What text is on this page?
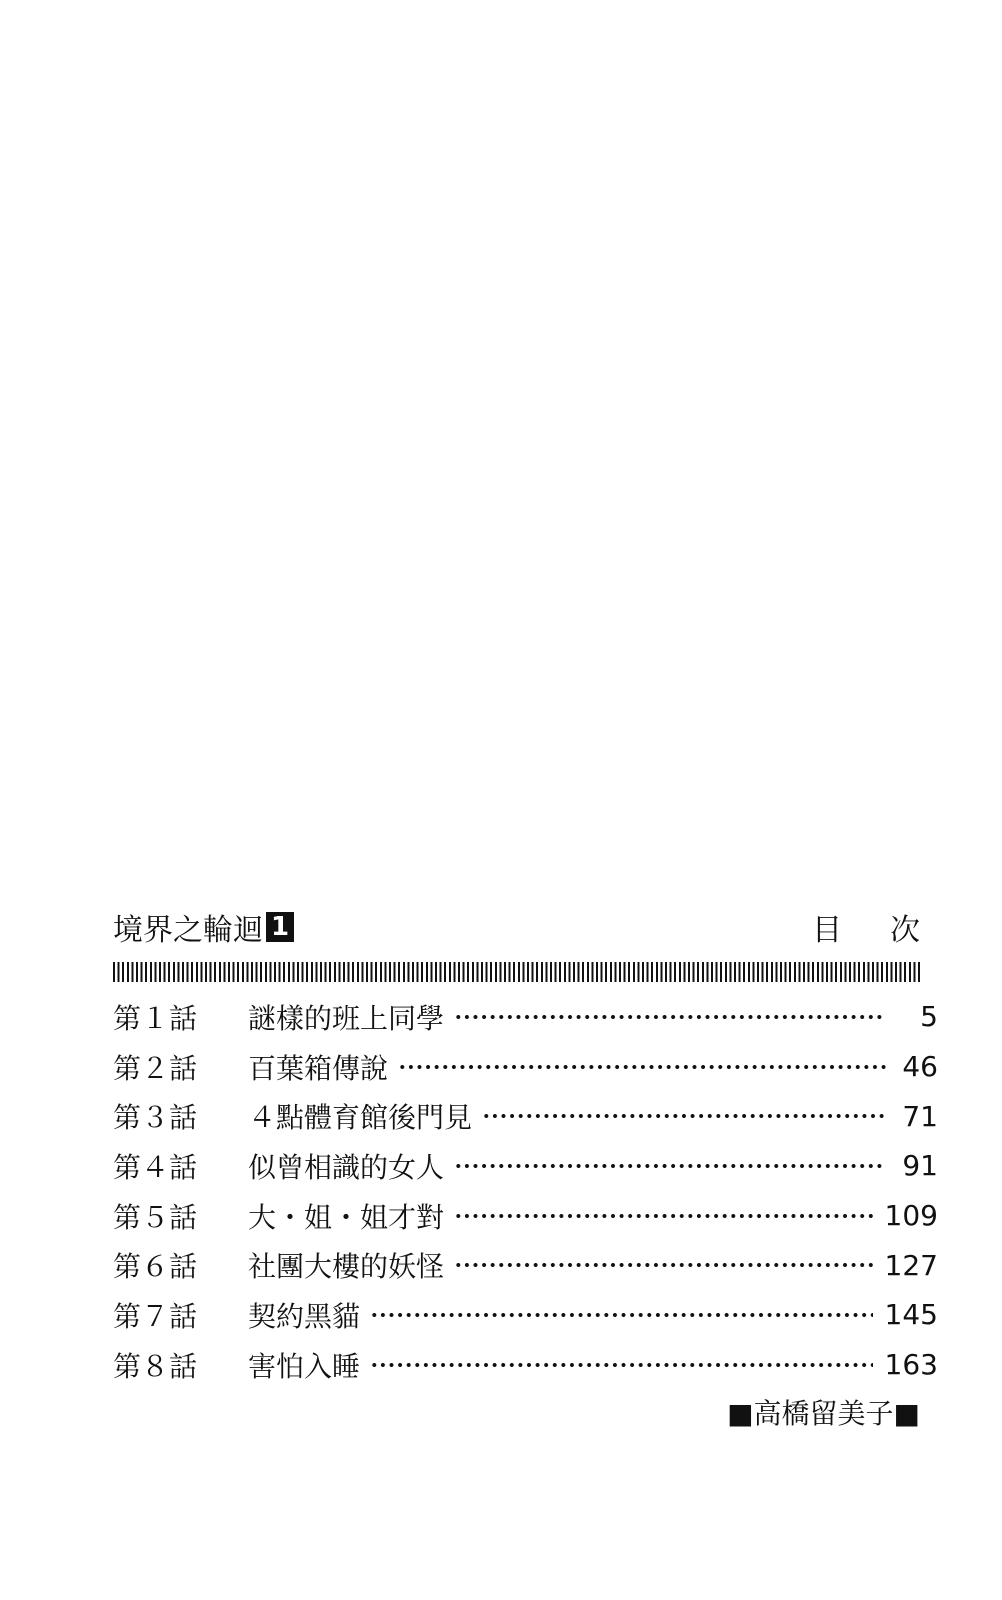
境界之輪迴 1	目次
第１話	謎樣的班上同學	5
第２話	百葉箱傳說	46
第３話	４點體育館後門見	71
第４話	似曾相識的女人	91
第５話	大・姐・姐才對	109
第６話	社團大樓的妖怪	127
第７話	契約黑貓	145
第８話	害怕入睡	163
■高橋留美子■
